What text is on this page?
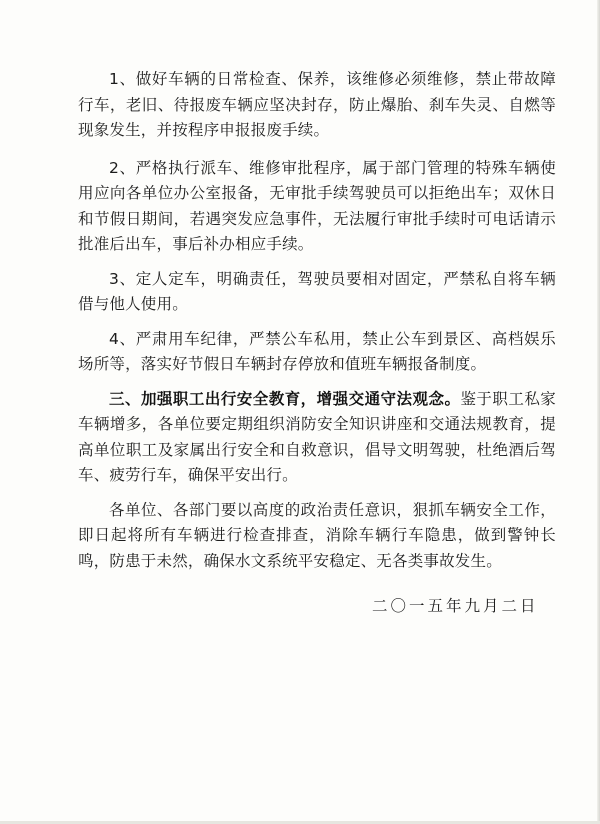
1、做好车辆的日常检查、保养，该维修必须维修，禁止带故障行车，老旧、待报废车辆应坚决封存，防止爆胎、刹车失灵、自燃等现象发生，并按程序申报报废手续。

2、严格执行派车、维修审批程序，属于部门管理的特殊车辆使用应向各单位办公室报备，无审批手续驾驶员可以拒绝出车；双休日和节假日期间，若遇突发应急事件，无法履行审批手续时可电话请示批准后出车，事后补办相应手续。

3、定人定车，明确责任，驾驶员要相对固定，严禁私自将车辆借与他人使用。

4、严肃用车纪律，严禁公车私用，禁止公车到景区、高档娱乐场所等，落实好节假日车辆封存停放和值班车辆报备制度。

三、加强职工出行安全教育，增强交通守法观念。鉴于职工私家车辆增多，各单位要定期组织消防安全知识讲座和交通法规教育，提高单位职工及家属出行安全和自救意识，倡导文明驾驶，杜绝酒后驾车、疲劳行车，确保平安出行。

各单位、各部门要以高度的政治责任意识，狠抓车辆安全工作，即日起将所有车辆进行检查排查，消除车辆行车隐患，做到警钟长鸣，防患于未然，确保水文系统平安稳定、无各类事故发生。

二〇一五年九月二日
